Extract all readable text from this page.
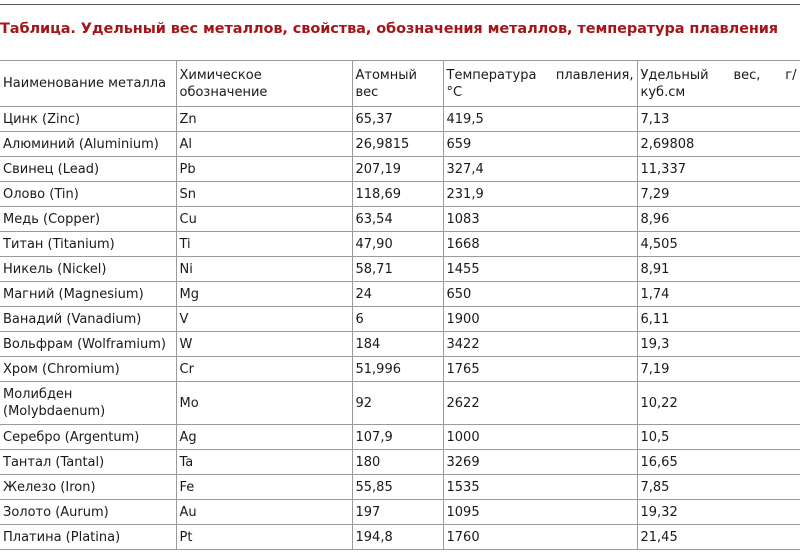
Таблица. Удельный вес металлов, свойства, обозначения металлов, температура плавления
Наименование металла	Химическое обозначение	Атомный вес	Температура плавления, °С	Удельный вес, г/куб.см
Цинк (Zinc)	Zn	65,37	419,5	7,13
Алюминий (Aluminium)	Al	26,9815	659	2,69808
Свинец (Lead)	Pb	207,19	327,4	11,337
Олово (Tin)	Sn	118,69	231,9	7,29
Медь (Copper)	Cu	63,54	1083	8,96
Титан (Titanium)	Ti	47,90	1668	4,505
Никель (Nickel)	Ni	58,71	1455	8,91
Магний (Magnesium)	Mg	24	650	1,74
Ванадий (Vanadium)	V	6	1900	6,11
Вольфрам (Wolframium)	W	184	3422	19,3
Хром (Chromium)	Cr	51,996	1765	7,19
Молибден (Molybdaenum)	Mo	92	2622	10,22
Серебро (Argentum)	Ag	107,9	1000	10,5
Тантал (Tantal)	Ta	180	3269	16,65
Железо (Iron)	Fe	55,85	1535	7,85
Золото (Aurum)	Au	197	1095	19,32
Платина (Platina)	Pt	194,8	1760	21,45
